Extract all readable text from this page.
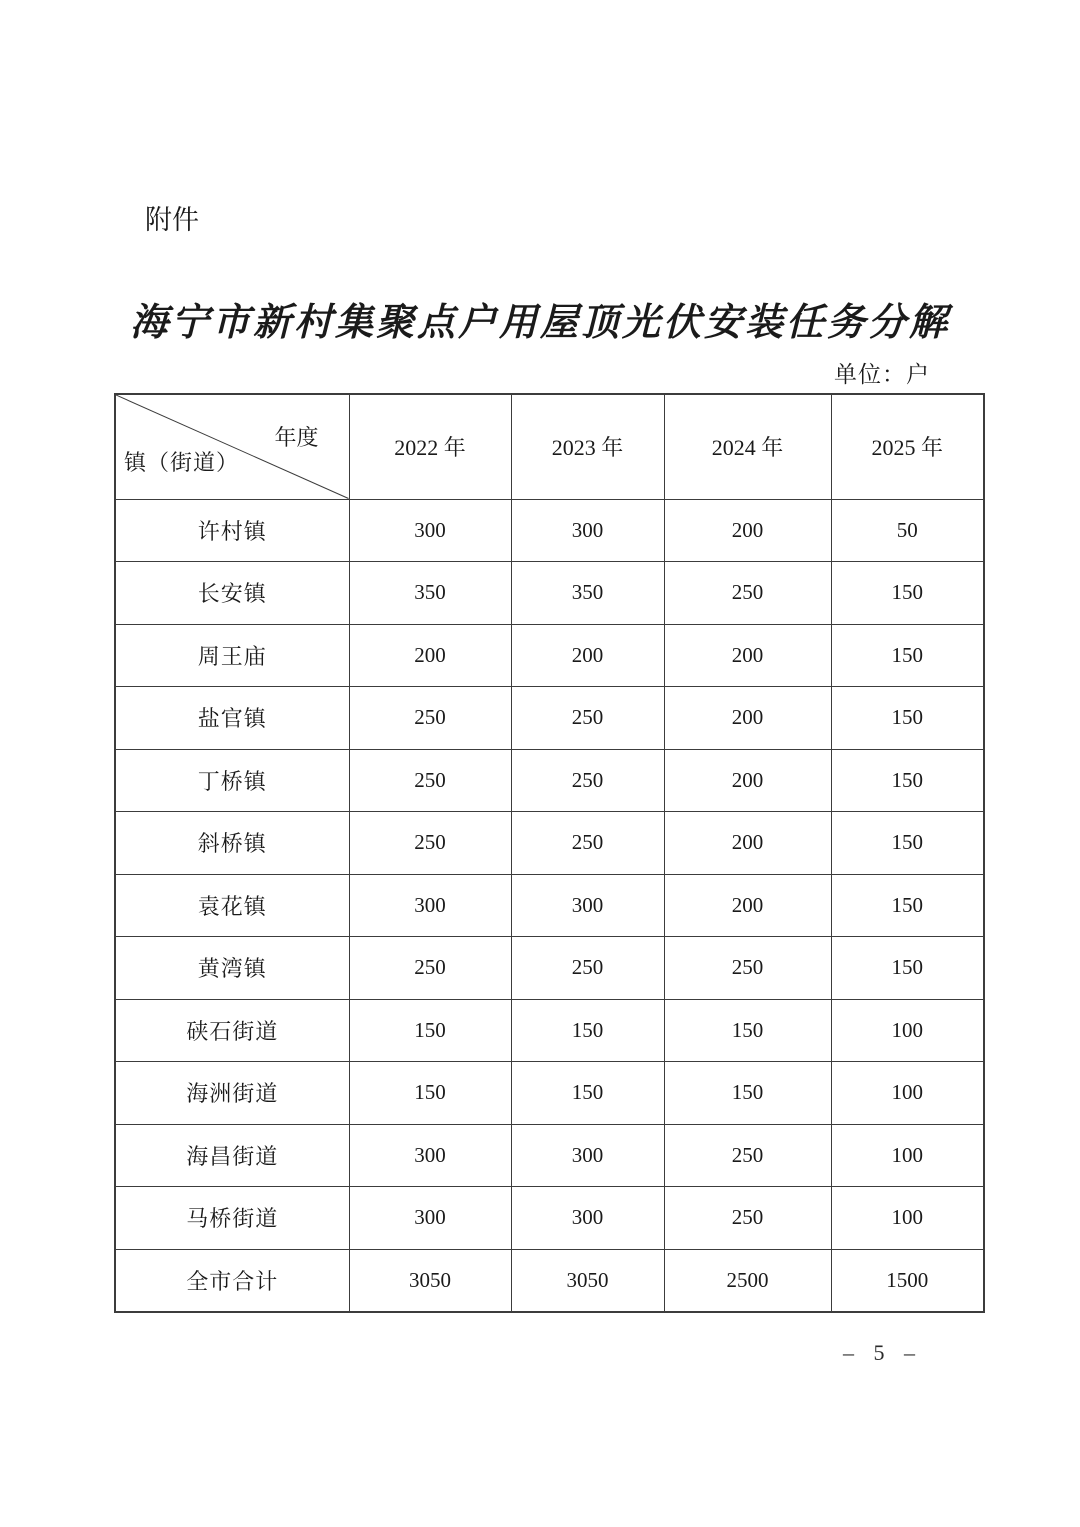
附件
海宁市新村集聚点户用屋顶光伏安装任务分解
单位：户
年度
镇（街道）	2022 年	2023 年	2024 年	2025 年
许村镇	300	300	200	50
长安镇	350	350	250	150
周王庙	200	200	200	150
盐官镇	250	250	200	150
丁桥镇	250	250	200	150
斜桥镇	250	250	200	150
袁花镇	300	300	200	150
黄湾镇	250	250	250	150
硖石街道	150	150	150	100
海洲街道	150	150	150	100
海昌街道	300	300	250	100
马桥街道	300	300	250	100
全市合计	3050	3050	2500	1500
– 5 –
